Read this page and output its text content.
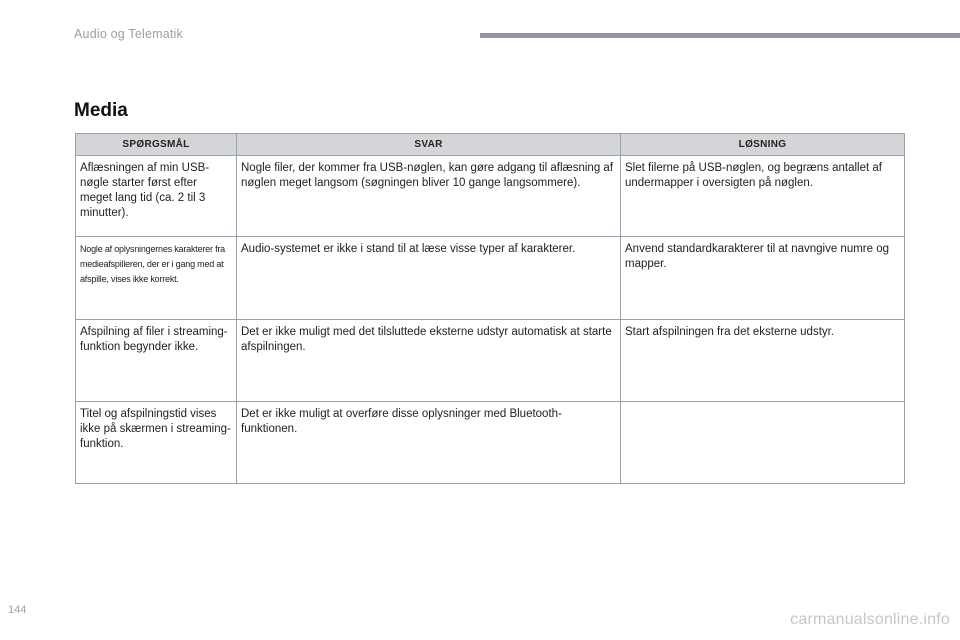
Audio og Telematik
Media
SPØRGSMÅL	SVAR	LØSNING
Aflæsningen af min USB-nøgle starter først efter meget lang tid (ca. 2 til 3 minutter).	Nogle filer, der kommer fra USB-nøglen, kan gøre adgang til aflæsning af nøglen meget langsom (søgningen bliver 10 gange langsommere).	Slet filerne på USB-nøglen, og begræns antallet af undermapper i oversigten på nøglen.
Nogle af oplysningernes karakterer fra medieafspilleren, der er i gang med at afspille, vises ikke korrekt.	Audio-systemet er ikke i stand til at læse visse typer af karakterer.	Anvend standardkarakterer til at navngive numre og mapper.
Afspilning af filer i streaming-funktion begynder ikke.	Det er ikke muligt med det tilsluttede eksterne udstyr automatisk at starte afspilningen.	Start afspilningen fra det eksterne udstyr.
Titel og afspilningstid vises ikke på skærmen i streaming-funktion.	Det er ikke muligt at overføre disse oplysninger med Bluetooth-funktionen.	
144
carmanualsonline.info
